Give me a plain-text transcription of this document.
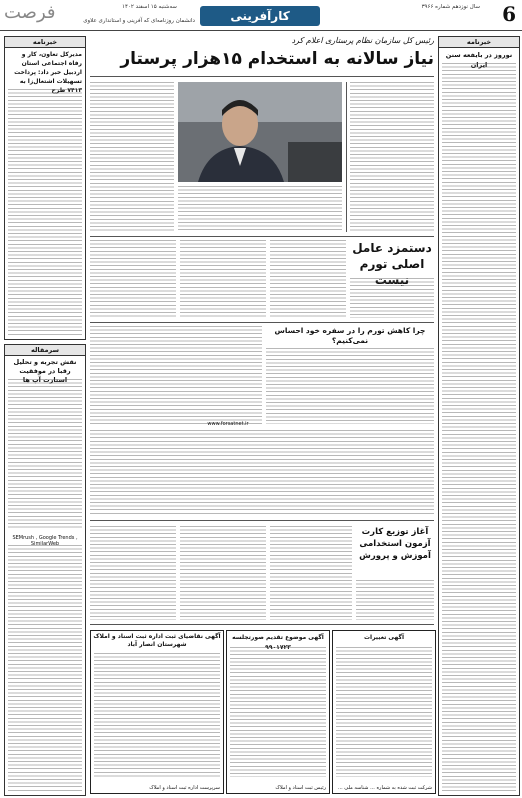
6
کارآفرینی
سال نوزدهم شماره ۳۹۶۶
سه‌شنبه ۱۵ اسفند ۱۴۰۲
دانشمان روزنامه‌ای که آفرینی و استانداری علاوی
فرصت
خبرنامه
نوروز در بایفعه سنن ایران
خبرنامه
مدیرکل تعاون، کار و رفاه اجتماعی استان اردبیل خبر داد: پرداخت تسهیلات اشتغال‌زا به ۷۴۱۳ طرح
سرمقاله
نقش تجربه و تحلیل رقبا در موفقیت استارت آپ ها
SEMrush , Google Trends , SimilarWeb
رئیس کل سازمان نظام پرستاری اعلام کرد
نیاز سالانه به استخدام ۱۵هزار پرستار
دستمزد عامل اصلی تورم نیست
چرا کاهش تورم را در سفره خود احساس نمی‌کنیم؟
www.forsatnet.ir
آغاز توزیع کارت آزمون استخدامی آموزش و پرورش
آگهی تغییرات
شرکت ثبت شده به شماره ... شناسه ملی ...
آگهی موضوع تقدیم صورتجلسه ۹۹۰۱۷۲۳
رئیس ثبت اسناد و املاک
آگهی نقاضیای ثبت اداره ثبت اسناد و املاک شهرستان انصار آباد
سرپرست اداره ثبت اسناد و املاک
